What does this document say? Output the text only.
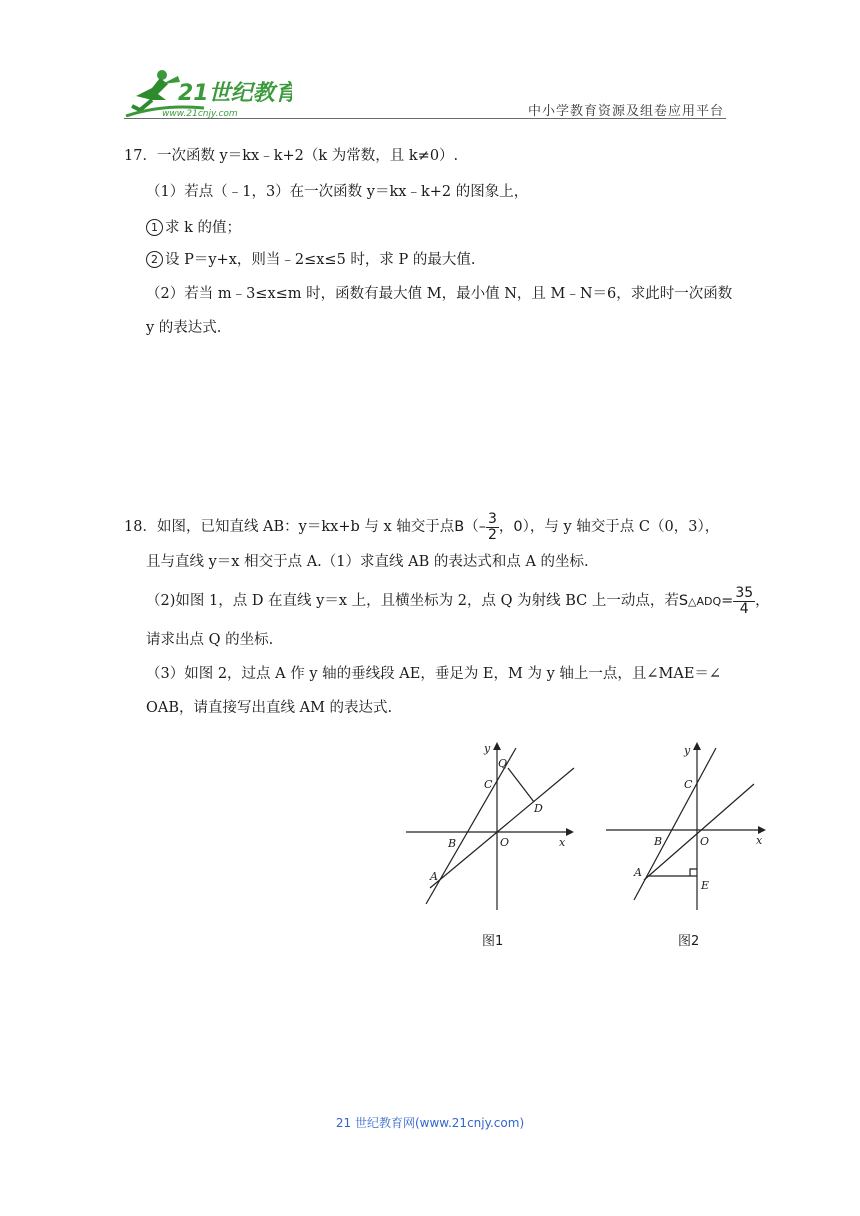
21世纪教育
www.21cnjy.com	中小学教育资源及组卷应用平台
17．一次函数 y＝kx﹣k+2（k 为常数，且 k≠0）.
（1）若点（﹣1，3）在一次函数 y＝kx﹣k+2 的图象上，
1 求 k 的值；
2 设 P＝y+x，则当﹣2≤x≤5 时，求 P 的最大值.
（2）若当 m﹣3≤x≤m 时，函数有最大值 M，最小值 N，且 M﹣N＝6，求此时一次函数
y 的表达式.
18．如图，已知直线 AB：y＝kx+b 与 x 轴交于点$B(- \frac{3}{2}$ ，0），与 y 轴交于点 C（0，3），
且与直线 y＝x 相交于点 A.（1）求直线 AB 的表达式和点 A 的坐标.
（2)如图 1，点 D 在直线 y＝x 上，且横坐标为 2，点 Q 为射线 BC 上一动点，若S△ADQ= $\frac{35}{4}$ ，
请求出点 Q 的坐标.
（3）如图 2，过点 A 作 y 轴的垂线段 AE，垂足为 E，M 为 y 轴上一点，且∠MAE＝∠
OAB，请直接写出直线 AM 的表达式.
y
x
Q
C
D
B	O
A
图1
y
x
C
B	O
A
E
图2
21 世纪教育网(www.21cnjy.com)
